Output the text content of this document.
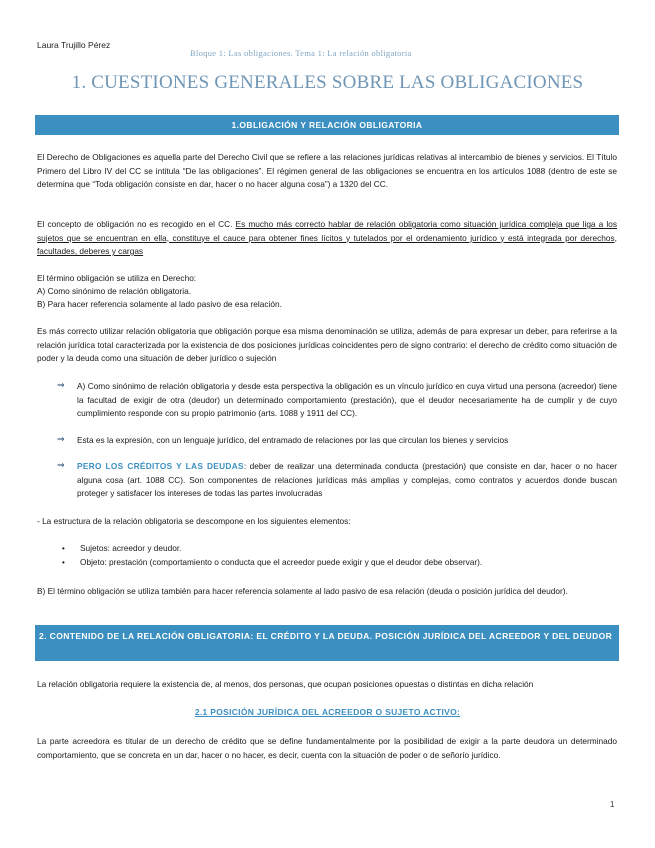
Laura Trujillo Pérez
Bloque 1: Las obligaciones. Tema 1: La relación obligatoria
1. CUESTIONES GENERALES SOBRE LAS OBLIGACIONES
1.OBLIGACIÓN Y RELACIÓN OBLIGATORIA
El Derecho de Obligaciones es aquella parte del Derecho Civil que se refiere a las relaciones jurídicas relativas al intercambio de bienes y servicios. El Título Primero del Libro IV del CC se intitula “De las obligaciones”. El régimen general de las obligaciones se encuentra en los artículos 1088 (dentro de este se determina que “Toda obligación consiste en dar, hacer o no hacer alguna cosa”) a 1320 del CC.
El concepto de obligación no es recogido en el CC. Es mucho más correcto hablar de relación obligatoria como situación jurídica compleja que liga a los sujetos que se encuentran en ella, constituye el cauce para obtener fines lícitos y tutelados por el ordenamiento jurídico y está integrada por derechos, facultades, deberes y cargas
El término obligación se utiliza en Derecho:
A) Como sinónimo de relación obligatoria.
B) Para hacer referencia solamente al lado pasivo de esa relación.
Es más correcto utilizar relación obligatoria que obligación porque esa misma denominación se utiliza, además de para expresar un deber, para referirse a la relación jurídica total caracterizada por la existencia de dos posiciones jurídicas coincidentes pero de signo contrario: el derecho de crédito como situación de poder y la deuda como una situación de deber jurídico o sujeción
⇒ A) Como sinónimo de relación obligatoria y desde esta perspectiva la obligación es un vínculo jurídico en cuya virtud una persona (acreedor) tiene la facultad de exigir de otra (deudor) un determinado comportamiento (prestación), que el deudor necesariamente ha de cumplir y de cuyo cumplimiento responde con su propio patrimonio (arts. 1088 y 1911 del CC).
⇒ Esta es la expresión, con un lenguaje jurídico, del entramado de relaciones por las que circulan los bienes y servicios
⇒ PERO LOS CRÉDITOS Y LAS DEUDAS: deber de realizar una determinada conducta (prestación) que consiste en dar, hacer o no hacer alguna cosa (art. 1088 CC). Son componentes de relaciones jurídicas más amplias y complejas, como contratos y acuerdos donde buscan proteger y satisfacer los intereses de todas las partes involucradas
- La estructura de la relación obligatoria se descompone en los siguientes elementos:
• Sujetos: acreedor y deudor.
• Objeto: prestación (comportamiento o conducta que el acreedor puede exigir y que el deudor debe observar).
B) El término obligación se utiliza también para hacer referencia solamente al lado pasivo de esa relación (deuda o posición jurídica del deudor).
2. CONTENIDO DE LA RELACIÓN OBLIGATORIA: EL CRÉDITO Y LA DEUDA. POSICIÓN JURÍDICA DEL ACREEDOR Y DEL DEUDOR
La relación obligatoria requiere la existencia de, al menos, dos personas, que ocupan posiciones opuestas o distintas en dicha relación
2.1 POSICIÓN JURÍDICA DEL ACREEDOR O SUJETO ACTIVO:
La parte acreedora es titular de un derecho de crédito que se define fundamentalmente por la posibilidad de exigir a la parte deudora un determinado comportamiento, que se concreta en un dar, hacer o no hacer, es decir, cuenta con la situación de poder o de señorío jurídico.
1
